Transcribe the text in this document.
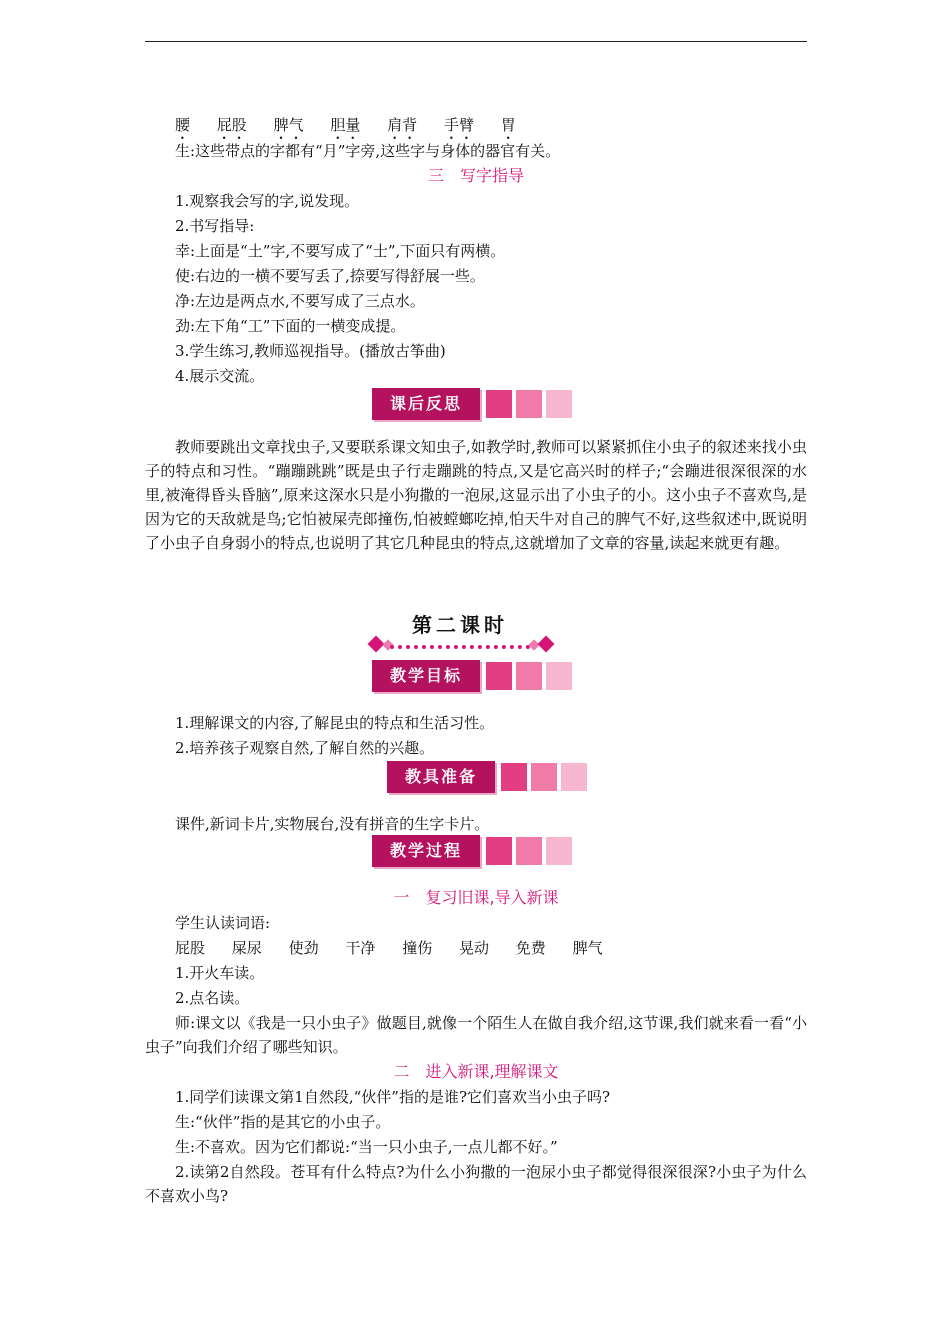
腰 屁股 脾气 胆量 肩背 手臂 胃
生:这些带点的字都有“月”字旁,这些字与身体的器官有关。
三　写字指导
1.观察我会写的字,说发现。
2.书写指导:
幸:上面是“土”字,不要写成了“士”,下面只有两横。
使:右边的一横不要写丢了,捺要写得舒展一些。
净:左边是两点水,不要写成了三点水。
劲:左下角“工”下面的一横变成提。
3.学生练习,教师巡视指导。(播放古筝曲)
4.展示交流。
课后反思
教师要跳出文章找虫子,又要联系课文知虫子,如教学时,教师可以紧紧抓住小虫子的叙述来找小虫子的特点和习性。“蹦蹦跳跳”既是虫子行走蹦跳的特点,又是它高兴时的样子;“会蹦进很深很深的水里,被淹得昏头昏脑”,原来这深水只是小狗撒的一泡尿,这显示出了小虫子的小。这小虫子不喜欢鸟,是因为它的天敌就是鸟;它怕被屎壳郎撞伤,怕被螳螂吃掉,怕天牛对自己的脾气不好,这些叙述中,既说明了小虫子自身弱小的特点,也说明了其它几种昆虫的特点,这就增加了文章的容量,读起来就更有趣。
第二课时
教学目标
1.理解课文的内容,了解昆虫的特点和生活习性。
2.培养孩子观察自然,了解自然的兴趣。
教具准备
课件,新词卡片,实物展台,没有拼音的生字卡片。
教学过程
一　复习旧课,导入新课
学生认读词语:
屁股 屎尿 使劲 干净 撞伤 晃动 免费 脾气
1.开火车读。
2.点名读。
师:课文以《我是一只小虫子》做题目,就像一个陌生人在做自我介绍,这节课,我们就来看一看“小虫子”向我们介绍了哪些知识。
二　进入新课,理解课文
1.同学们读课文第1自然段,“伙伴”指的是谁?它们喜欢当小虫子吗?
生:“伙伴”指的是其它的小虫子。
生:不喜欢。因为它们都说:“当一只小虫子,一点儿都不好。”
2.读第2自然段。苍耳有什么特点?为什么小狗撒的一泡尿小虫子都觉得很深很深?小虫子为什么不喜欢小鸟?
